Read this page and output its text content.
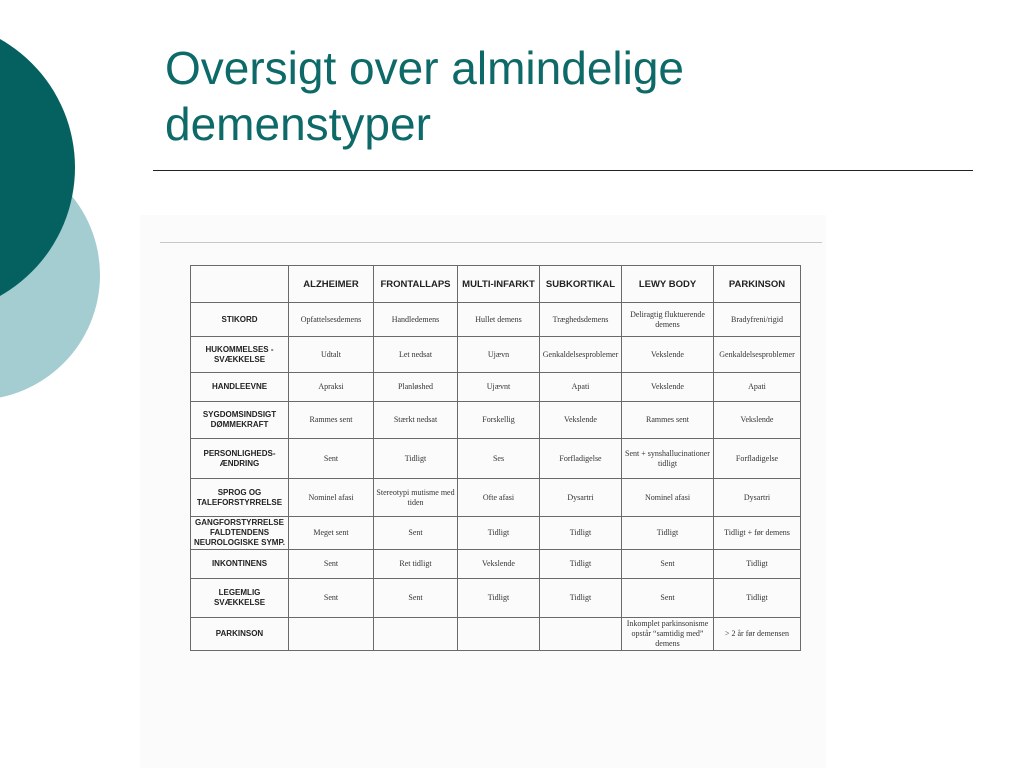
Oversigt over almindelige
demenstyper
	ALZHEIMER	FRONTALLAPS	MULTI-INFARKT	SUBKORTIKAL	LEWY BODY	PARKINSON
STIKORD	Opfattelsesdemens	Handledemens	Hullet demens	Træghedsdemens	Deliragtig fluktuerende demens	Bradyfreni/rigid
HUKOMMELSES -SVÆKKELSE	Udtalt	Let nedsat	Ujævn	Genkaldelsesproblemer	Vekslende	Genkaldelsesproblemer
HANDLEEVNE	Apraksi	Planløshed	Ujævnt	Apati	Vekslende	Apati
SYGDOMSINDSIGT DØMMEKRAFT	Rammes sent	Stærkt nedsat	Forskellig	Vekslende	Rammes sent	Vekslende
PERSONLIGHEDS- ÆNDRING	Sent	Tidligt	Ses	Forfladigelse	Sent + synshallucinationer tidligt	Forfladigelse
SPROG OG TALEFORSTYRRELSE	Nominel afasi	Stereotypi mutisme med tiden	Ofte afasi	Dysartri	Nominel afasi	Dysartri
GANGFORSTYRRELSE FALDTENDENS NEUROLOGISKE SYMP.	Meget sent	Sent	Tidligt	Tidligt	Tidligt	Tidligt + før demens
INKONTINENS	Sent	Ret tidligt	Vekslende	Tidligt	Sent	Tidligt
LEGEMLIG SVÆKKELSE	Sent	Sent	Tidligt	Tidligt	Sent	Tidligt
PARKINSON					Inkomplet parkinsonisme opstår “samtidig med” demens	> 2 år før demensen
